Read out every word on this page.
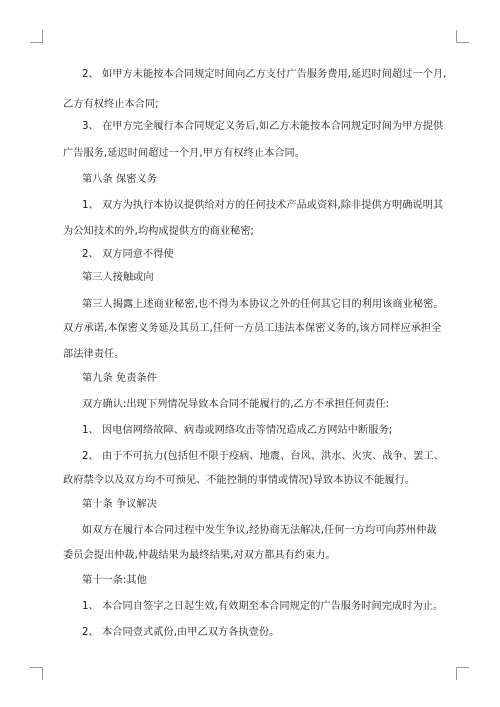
2、 如甲方未能按本合同规定时间向乙方支付广告服务费用,延迟时间超过一个月,
乙方有权终止本合同;
3、 在甲方完全履行本合同规定义务后,如乙方未能按本合同规定时间为甲方提供
广告服务,延迟时间超过一个月,甲方有权终止本合同。
第八条 保密义务
1、 双方为执行本协议提供给对方的任何技术产品或资料,除非提供方明确说明其
为公知技术的外,均构成提供方的商业秘密;
2、 双方同意不得使
第三人接触或向
第三人揭露上述商业秘密,也不得为本协议之外的任何其它目的利用该商业秘密。
双方承诺,本保密义务延及其员工,任何一方员工违法本保密义务的,该方同样应承担全
部法律责任。
第九条 免责条件
双方确认:出现下列情况导致本合同不能履行的,乙方不承担任何责任:
1、 因电信网络故障、病毒或网络攻击等情况造成乙方网站中断服务;
2、 由于不可抗力(包括但不限于疫病、地震、台风、洪水、火灾、战争、罢工、
政府禁令以及双方均不可预见、不能控制的事情或情况)导致本协议不能履行。
第十条 争议解决
如双方在履行本合同过程中发生争议,经协商无法解决,任何一方均可向苏州仲裁
委员会提出仲裁,仲裁结果为最终结果,对双方都具有约束力。
第十一条:其他
1、 本合同自签字之日起生效,有效期至本合同规定的广告服务时间完成时为止。
2、 本合同壹式贰份,由甲乙双方各执壹份。
